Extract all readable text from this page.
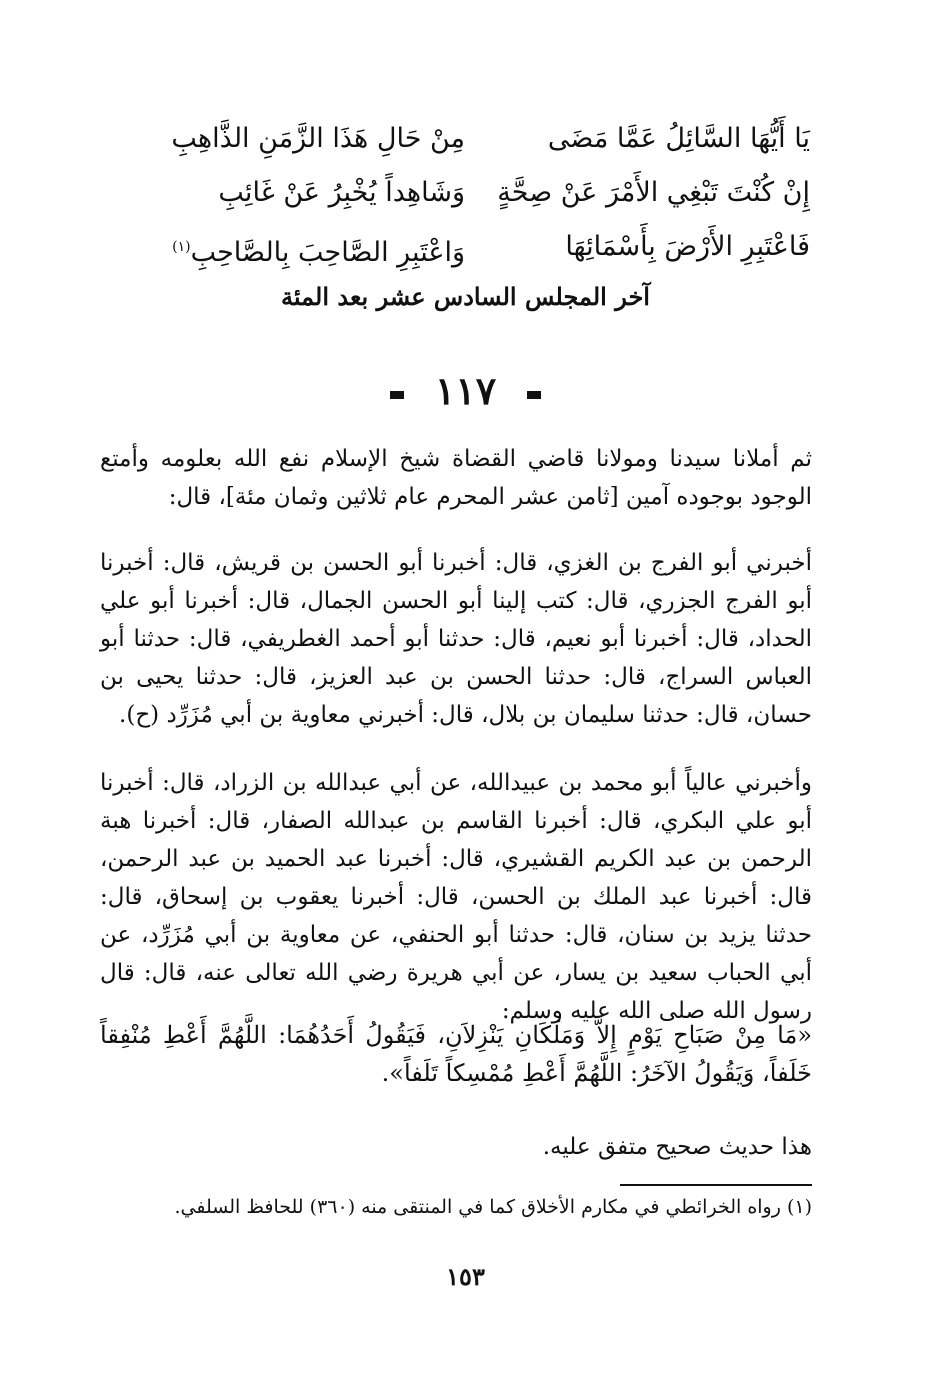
يَا أَيُّهَا السَّائِلُ عَمَّا مَضَى
مِنْ حَالِ هَذَا الزَّمَنِ الذَّاهِبِ
إِنْ كُنْتَ تَبْغِي الأَمْرَ عَنْ صِحَّةٍ
وَشَاهِداً يُخْبِرُ عَنْ غَائِبِ
فَاعْتَبِرِ الأَرْضَ بِأَسْمَائِهَا
وَاعْتَبِرِ الصَّاحِبَ بِالصَّاحِبِ$^{(١)}$
آخر المجلس السادس عشر بعد المئة
١١٧
ثم أملانا سيدنا ومولانا قاضي القضاة شيخ الإسلام نفع الله بعلومه وأمتع الوجود بوجوده آمين [ثامن عشر المحرم عام ثلاثين وثمان مئة]، قال:
أخبرني أبو الفرج بن الغزي، قال: أخبرنا أبو الحسن بن قريش، قال: أخبرنا أبو الفرج الجزري، قال: كتب إلينا أبو الحسن الجمال، قال: أخبرنا أبو علي الحداد، قال: أخبرنا أبو نعيم، قال: حدثنا أبو أحمد الغطريفي، قال: حدثنا أبو العباس السراج، قال: حدثنا الحسن بن عبد العزيز، قال: حدثنا يحيى بن حسان، قال: حدثنا سليمان بن بلال، قال: أخبرني معاوية بن أبي مُزَرِّد (ح).
وأخبرني عالياً أبو محمد بن عبيدالله، عن أبي عبدالله بن الزراد، قال: أخبرنا أبو علي البكري، قال: أخبرنا القاسم بن عبدالله الصفار، قال: أخبرنا هبة الرحمن بن عبد الكريم القشيري، قال: أخبرنا عبد الحميد بن عبد الرحمن، قال: أخبرنا عبد الملك بن الحسن، قال: أخبرنا يعقوب بن إسحاق، قال: حدثنا يزيد بن سنان، قال: حدثنا أبو الحنفي، عن معاوية بن أبي مُزَرِّد، عن أبي الحباب سعيد بن يسار، عن أبي هريرة رضي الله تعالى عنه، قال: قال رسول الله صلى الله عليه وسلم:
«مَا مِنْ صَبَاحِ يَوْمٍ إِلاَّ وَمَلَكَانِ يَنْزِلاَنِ، فَيَقُولُ أَحَدُهُمَا: اللَّهُمَّ أَعْطِ مُنْفِقاً خَلَفاً، وَيَقُولُ الآخَرُ: اللَّهُمَّ أَعْطِ مُمْسِكاً تَلَفاً».
هذا حديث صحيح متفق عليه.
(١) رواه الخرائطي في مكارم الأخلاق كما في المنتقى منه (٣٦٠) للحافظ السلفي.
١٥٣
